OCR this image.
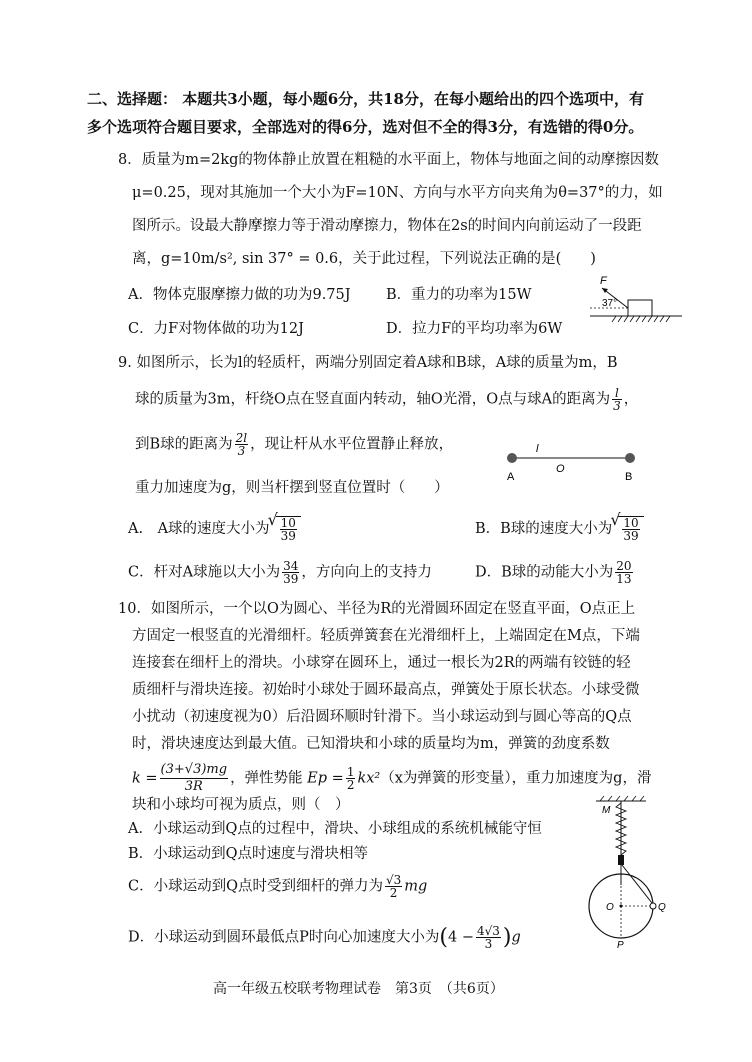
二、选择题： 本题共3小题，每小题6分，共18分，在每小题给出的四个选项中，有
多个选项符合题目要求，全部选对的得6分，选对但不全的得3分，有选错的得0分。
8．质量为m=2kg的物体静止放置在粗糙的水平面上，物体与地面之间的动摩擦因数
μ=0.25，现对其施加一个大小为F=10N、方向与水平方向夹角为θ=37°的力，如
图所示。设最大静摩擦力等于滑动摩擦力，物体在2s的时间内向前运动了一段距
离，g=10m/s², sin 37° = 0.6，关于此过程，下列说法正确的是(　　)
A．物体克服摩擦力做的功为9.75J B．重力的功率为15W
C．力F对物体做的功为12J	D．拉力F的平均功率为6W
F
37°
9. 如图所示，长为l的轻质杆，两端分别固定着A球和B球，A球的质量为m，B
球的质量为3m，杆绕O点在竖直面内转动，轴O光滑，O点与球A的距离为 $\frac{l}{3}$ ，
到B球的距离为 $\frac{2l}{3}$ ，现让杆从水平位置静止释放，
重力加速度为g，则当杆摆到竖直位置时（　　）
l
O
A	B
A.　A球的速度大小为 √ $\frac{10}{39}$	B．B球的速度大小为 √ $\frac{10}{39}$
C．杆对A球施以大小为 $\frac{34}{39}$ ，方向向上的支持力	D．B球的动能大小为 $\frac{20}{13}$
10．如图所示，一个以O为圆心、半径为R的光滑圆环固定在竖直平面，O点正上
方固定一根竖直的光滑细杆。轻质弹簧套在光滑细杆上，上端固定在M点，下端
连接套在细杆上的滑块。小球穿在圆环上，通过一根长为2R的两端有铰链的轻
质细杆与滑块连接。初始时小球处于圆环最高点，弹簧处于原长状态。小球受微
小扰动（初速度视为0）后沿圆环顺时针滑下。当小球运动到与圆心等高的Q点
时，滑块速度达到最大值。已知滑块和小球的质量均为m，弹簧的劲度系数
$k = \frac{(3+√3)mg}{3R}$ ，弹性势能 $Ep = \frac{1}{2} kx^2(x$为弹簧的形变量），重力加速度为g，滑
块和小球均可视为质点，则（　）
A．小球运动到Q点的过程中，滑块、小球组成的系统机械能守恒
B．小球运动到Q点时速度与滑块相等
C．小球运动到Q点时受到细杆的弹力为 $\frac{√3}{2}$ mg
D．小球运动到圆环最低点P时向心加速度大小为$(4 - \frac{4√3}{3} )g$
M
O	Q
P
高一年级五校联考物理试卷　第3页　（共6页）
